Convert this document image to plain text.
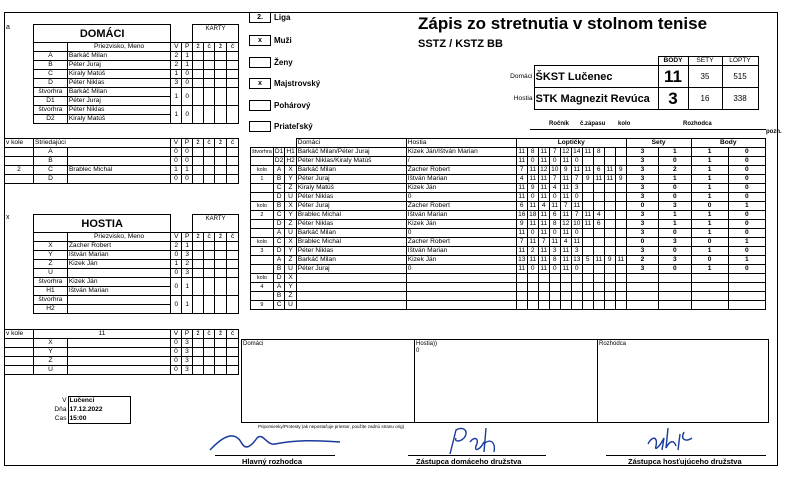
a
x
DOMÁCI				KARTY			

	Priezvisko, Meno	V	P	ž	č	ž	č
A	Barkáč Milan	2	1				
B	Péter Juraj	2	1				
C	Kiraly Matúš	1	0				
D	Péter Niklas	3	0				
štvorhra	Barkáč Milan	1	0				
D1	Péter Juraj						
štvorhra	Péter Niklas	1	0				
D2	Kiraly Matúš						
v kole	Striedajúci		V	P	ž	č	ž	č
	A		0	0				
	B		0	0				
2	C	Brablec Michal	1	1				
	D		0	0				
HOSTIA				KARTY			

	Priezvisko, Meno	V	P	ž	č	ž	č
X	Zacher Robert	2	1				
Y	Ištván Marian	0	3				
Z	Kizek Ján	1	2				
U		0	3				
štvorhra	Kizek Ján	0	1				
H1	Ištván Marian						
štvorhra		0	1				
H2							
v kole	11		V	P	ž	č	ž	č
	X		0	3				
	Y		0	3				
	Z		0	3				
	U		0	3				
V	Lučenci
Dňa	17.12.2022
Čas	15:00
2.	Liga
x	Muži
Ženy
x	Majstrovský
Pohárový
Priateľský
Zápis zo stretnutia v stolnom tenise
SSTZ / KSTZ BB
		BODY	SETY	LOPTY
Domáci	ŠKST Lučenec	11	35	515
Hostia	STK Magnezit Revúca	3	16	338
Ročník č.zápasu kolo	Rozhodca
pozn.
			Domáci	Hostia	Loptičky										Sety		Body	
štvorhra	D1	H1	Barkáč Milan/Péter Juraj	Kizek Ján/Ištván Marian	11	8	11	7	12	14	11	8			3	1	1	0
	D2	H2	Péter Niklas/Kiraly Matúš	/	11	0	11	0	11	0					3	0	1	0
kolo	A	X	Barkáč Milan	Zacher Robert	7	11	12	10	9	11	11	6	11	9	3	2	1	0
1	B	Y	Péter Juraj	Ištván Marian	4	11	11	7	11	7	9	11	11	9	3	1	1	0
	C	Z	Kiraly Matúš	Kizek Ján	11	9	11	4	11	3					3	0	1	0
	D	U	Péter Niklas	0	11	0	11	0	11	0					3	0	1	0
kolo	B	X	Péter Juraj	Zacher Robert	6	11	4	11	7	11					0	3	0	1
2	C	Y	Brablec Michal	Ištván Marian	16	18	11	6	11	7	11	4			3	1	1	0
	D	Z	Péter Niklas	Kizek Ján	9	11	11	8	12	10	11	6			3	1	1	0
	A	U	Barkáč Milan	0	11	0	11	0	11	0					3	0	1	0
kolo	C	X	Brablec Michal	Zacher Robert	7	11	7	11	4	11					0	3	0	1
3	D	Y	Péter Niklas	Ištván Marian	11	2	11	3	11	3					3	0	1	0
	A	Z	Barkáč Milan	Kizek Ján	13	11	11	8	11	13	5	11	9	11	2	3	0	1
	B	U	Péter Juraj	0	11	0	11	0	11	0					3	0	1	0
kolo	D	X																
4	A	Y																
	B	Z																
9	C	U																
Domáci	Hostia))
0
Rozhodca
Pripomienky/Protesty (ak nepostačuje priestor, použite zadnú stranu orig)
Hlavný rozhodca	Zástupca domáceho družstva	Zástupca hosťujúceho družstva
